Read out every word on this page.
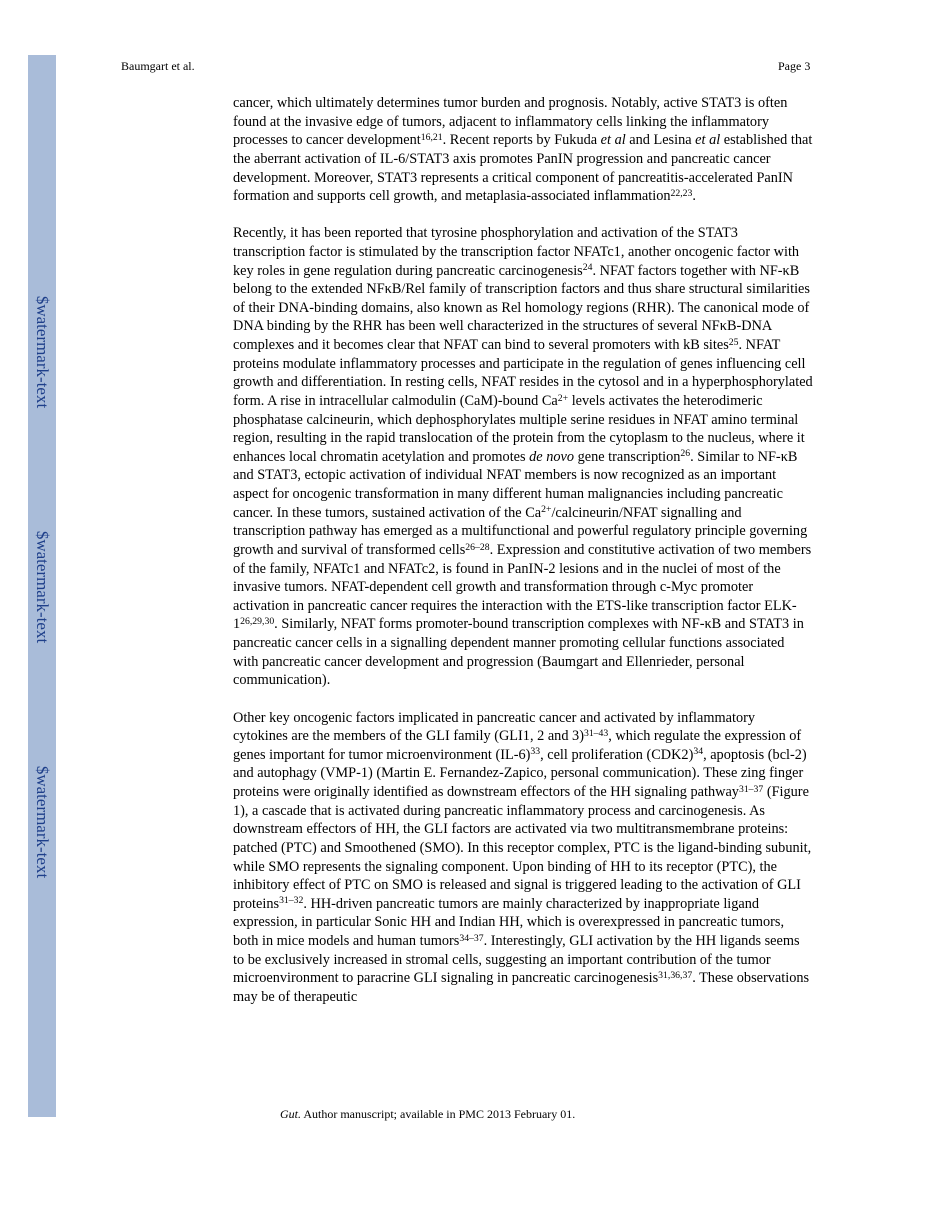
$watermark-text
$watermark-text
$watermark-text
Baumgart et al.	Page 3

cancer, which ultimately determines tumor burden and prognosis. Notably, active STAT3 is often found at the invasive edge of tumors, adjacent to inflammatory cells linking the inflammatory processes to cancer development$^{16,21}$. Recent reports by Fukuda et al and Lesina et al established that the aberrant activation of IL-6/STAT3 axis promotes PanIN progression and pancreatic cancer development. Moreover, STAT3 represents a critical component of pancreatitis-accelerated PanIN formation and supports cell growth, and metaplasia-associated inflammation$^{22,23}$.

Recently, it has been reported that tyrosine phosphorylation and activation of the STAT3 transcription factor is stimulated by the transcription factor NFATc1, another oncogenic factor with key roles in gene regulation during pancreatic carcinogenesis$^{24}$. NFAT factors together with NF-κB belong to the extended NFκB/Rel family of transcription factors and thus share structural similarities of their DNA-binding domains, also known as Rel homology regions (RHR). The canonical mode of DNA binding by the RHR has been well characterized in the structures of several NFκB-DNA complexes and it becomes clear that NFAT can bind to several promoters with kB sites$^{25}$. NFAT proteins modulate inflammatory processes and participate in the regulation of genes influencing cell growth and differentiation. In resting cells, NFAT resides in the cytosol and in a hyperphosphorylated form. A rise in intracellular calmodulin (CaM)-bound $Ca^{2+}$ levels activates the heterodimeric phosphatase calcineurin, which dephosphorylates multiple serine residues in NFAT amino terminal region, resulting in the rapid translocation of the protein from the cytoplasm to the nucleus, where it enhances local chromatin acetylation and promotes de novo gene transcription$^{26}$. Similar to NF-κB and STAT3, ectopic activation of individual NFAT members is now recognized as an important aspect for oncogenic transformation in many different human malignancies including pancreatic cancer. In these tumors, sustained activation of the $Ca^{2+}/calcineurin$/NFAT signalling and transcription pathway has emerged as a multifunctional and powerful regulatory principle governing growth and survival of transformed cells$^{26-28}$. Expression and constitutive activation of two members of the family, NFATc1 and NFATc2, is found in PanIN-2 lesions and in the nuclei of most of the invasive tumors. NFAT-dependent cell growth and transformation through c-Myc promoter activation in pancreatic cancer requires the interaction with the ETS-like transcription factor ELK-1$^{26,29,30}$. Similarly, NFAT forms promoter-bound transcription complexes with NF-κB and STAT3 in pancreatic cancer cells in a signalling dependent manner promoting cellular functions associated with pancreatic cancer development and progression (Baumgart and Ellenrieder, personal communication).

Other key oncogenic factors implicated in pancreatic cancer and activated by inflammatory cytokines are the members of the GLI family (GLI1, 2 and 3)$^{31-43}$, which regulate the expression of genes important for tumor microenvironment $(IL-6)^{33}$, cell proliferation $(CDK2)^{34}$, apoptosis (bcl-2) and autophagy (VMP-1) (Martin E. Fernandez-Zapico, personal communication). These zing finger proteins were originally identified as downstream effectors of the HH signaling pathway$^{31-37}$ (Figure 1), a cascade that is activated during pancreatic inflammatory process and carcinogenesis. As downstream effectors of HH, the GLI factors are activated via two multitransmembrane proteins: patched (PTC) and Smoothened (SMO). In this receptor complex, PTC is the ligand-binding subunit, while SMO represents the signaling component. Upon binding of HH to its receptor (PTC), the inhibitory effect of PTC on SMO is released and signal is triggered leading to the activation of GLI proteins$^{31-32}$. HH-driven pancreatic tumors are mainly characterized by inappropriate ligand expression, in particular Sonic HH and Indian HH, which is overexpressed in pancreatic tumors, both in mice models and human tumors$^{34-37}$. Interestingly, GLI activation by the HH ligands seems to be exclusively increased in stromal cells, suggesting an important contribution of the tumor microenvironment to paracrine GLI signaling in pancreatic carcinogenesis$^{31,36,37}$. These observations may be of therapeutic

Gut. Author manuscript; available in PMC 2013 February 01.
